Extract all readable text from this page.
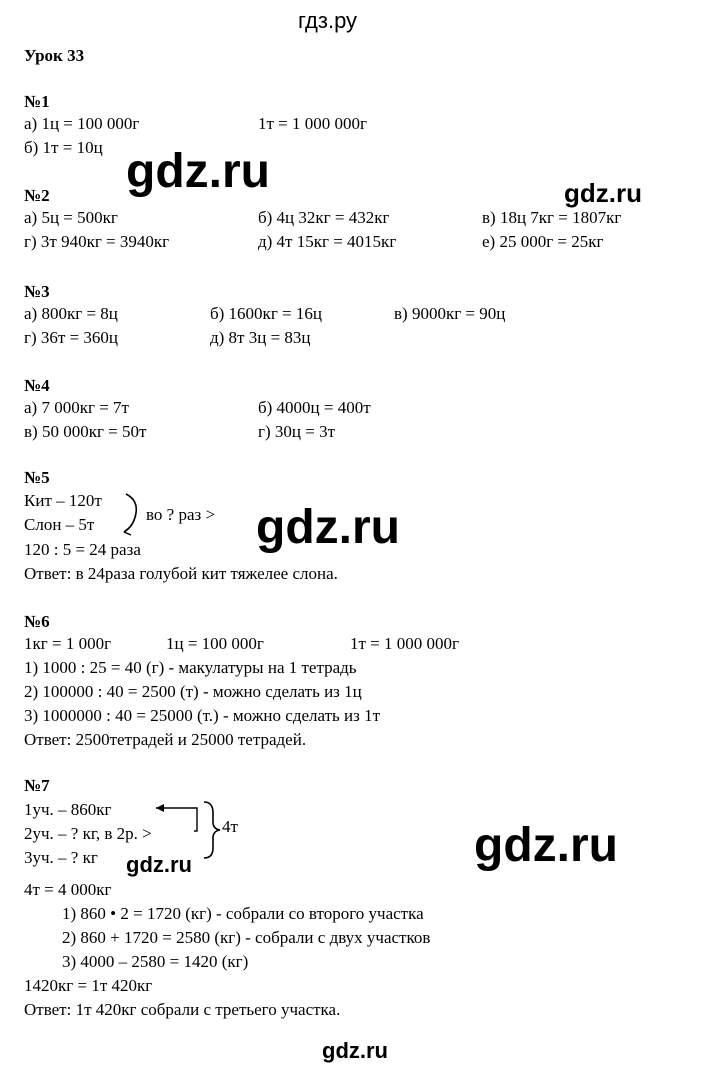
гдз.ру
Урок 33
№1
а) 1ц = 100 000г	1т = 1 000 000г
б) 1т = 10ц gdz.ru	gdz.ru
№2
а) 5ц = 500кг	б) 4ц 32кг = 432кг	в) 18ц 7кг = 1807кг
г) 3т 940кг = 3940кг	д) 4т 15кг = 4015кг	е) 25 000г = 25кг
№3
а) 800кг = 8ц	б) 1600кг = 16ц	в) 9000кг = 90ц
г) 36т = 360ц	д) 8т 3ц = 83ц
№4
а) 7 000кг = 7т	б) 4000ц = 400т
в) 50 000кг = 50т	г) 30ц = 3т
№5
Кит – 120т
Слон – 5т
во ? раз >
120 : 5 = 24 раза
Ответ: в 24раза голубой кит тяжелее слона.
gdz.ru
№6
1кг = 1 000г	1ц = 100 000г	1т = 1 000 000г
1) 1000 : 25 = 40 (г) - макулатуры на 1 тетрадь
2) 100000 : 40 = 2500 (т) - можно сделать из 1ц
3) 1000000 : 40 = 25000 (т.) - можно сделать из 1т
Ответ: 2500тетрадей и 25000 тетрадей.
№7
1уч. – 860кг
2уч. – ? кг, в 2р. >
3уч. – ? кг
4т
gdz.ru	gdz.ru
4т = 4 000кг
1) 860 • 2 = 1720 (кг) - собрали со второго участка
2) 860 + 1720 = 2580 (кг) - собрали с двух участков
3) 4000 – 2580 = 1420 (кг)
1420кг = 1т 420кг
Ответ: 1т 420кг собрали с третьего участка.
gdz.ru
